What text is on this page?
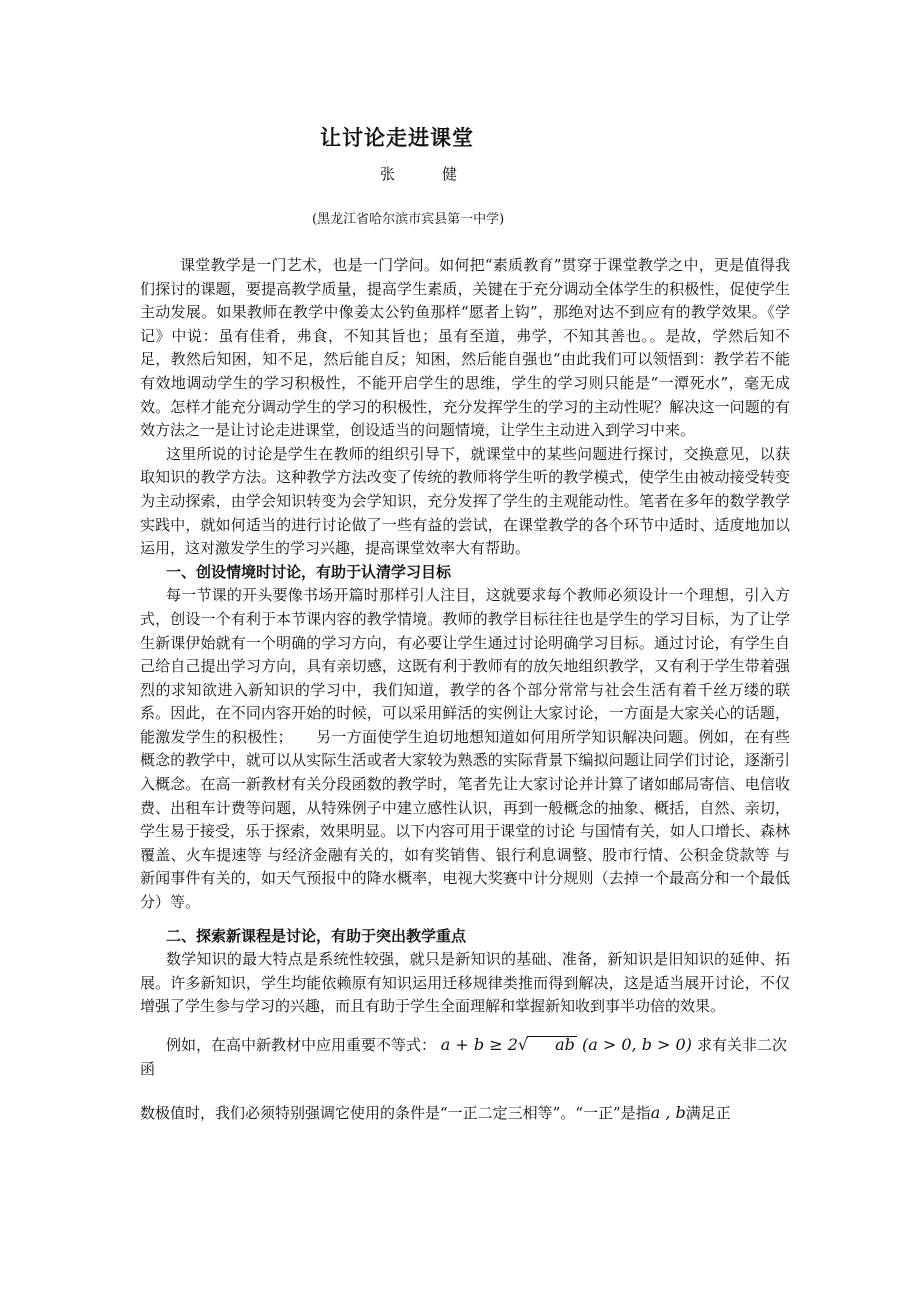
让讨论走进课堂
张　健
(黑龙江省哈尔滨市宾县第一中学)

课堂教学是一门艺术，也是一门学问。如何把“素质教育”贯穿于课堂教学之中，更是值得我们探讨的课题，要提高教学质量，提高学生素质，关键在于充分调动全体学生的积极性，促使学生主动发展。如果教师在教学中像姜太公钓鱼那样“愿者上钩”，那绝对达不到应有的教学效果。《学记》中说：虽有佳肴，弗食，不知其旨也；虽有至道，弗学，不知其善也。。是故，学然后知不足，教然后知困，知不足，然后能自反；知困，然后能自强也“由此我们可以领悟到：教学若不能有效地调动学生的学习积极性，不能开启学生的思维，学生的学习则只能是“一潭死水”，毫无成效。怎样才能充分调动学生的学习的积极性，充分发挥学生的学习的主动性呢？解决这一问题的有效方法之一是让讨论走进课堂，创设适当的问题情境，让学生主动进入到学习中来。

这里所说的讨论是学生在教师的组织引导下，就课堂中的某些问题进行探讨，交换意见，以获取知识的教学方法。这种教学方法改变了传统的教师将学生听的教学模式，使学生由被动接受转变为主动探索，由学会知识转变为会学知识，充分发挥了学生的主观能动性。笔者在多年的数学教学实践中，就如何适当的进行讨论做了一些有益的尝试，在课堂教学的各个环节中适时、适度地加以运用，这对激发学生的学习兴趣，提高课堂效率大有帮助。

一、创设情境时讨论，有助于认清学习目标

每一节课的开头要像书场开篇时那样引人注目，这就要求每个教师必须设计一个理想，引入方式，创设一个有利于本节课内容的教学情境。教师的教学目标往往也是学生的学习目标，为了让学生新课伊始就有一个明确的学习方向，有必要让学生通过讨论明确学习目标。通过讨论，有学生自己给自己提出学习方向，具有亲切感，这既有利于教师有的放矢地组织教学，又有利于学生带着强烈的求知欲进入新知识的学习中，我们知道，教学的各个部分常常与社会生活有着千丝万缕的联系。因此，在不同内容开始的时候，可以采用鲜活的实例让大家讨论，一方面是大家关心的话题，能激发学生的积极性；　　另一方面使学生迫切地想知道如何用所学知识解决问题。例如，在有些概念的教学中，就可以从实际生活或者大家较为熟悉的实际背景下编拟问题让同学们讨论，逐渐引入概念。在高一新教材有关分段函数的教学时，笔者先让大家讨论并计算了诸如邮局寄信、电信收费、出租车计费等问题，从特殊例子中建立感性认识，再到一般概念的抽象、概括，自然、亲切，学生易于接受，乐于探索，效果明显。以下内容可用于课堂的讨论 与国情有关，如人口增长、森林覆盖、火车提速等 与经济金融有关的，如有奖销售、银行利息调整、股市行情、公积金贷款等 与新闻事件有关的，如天气预报中的降水概率，电视大奖赛中计分规则（去掉一个最高分和一个最低分）等。

二、探索新课程是讨论，有助于突出教学重点

数学知识的最大特点是系统性较强，就只是新知识的基础、准备，新知识是旧知识的延伸、拓展。许多新知识，学生均能依赖原有知识运用迁移规律类推而得到解决，这是适当展开讨论，不仅增强了学生参与学习的兴趣，而且有助于学生全面理解和掌握新知收到事半功倍的效果。

例如，在高中新教材中应用重要不等式： a + b ≥ 2√ ab (a > 0, b > 0) 求有关非二次函

数极值时，我们必须特别强调它使用的条件是“一正二定三相等”。“一正”是指a , b满足正
